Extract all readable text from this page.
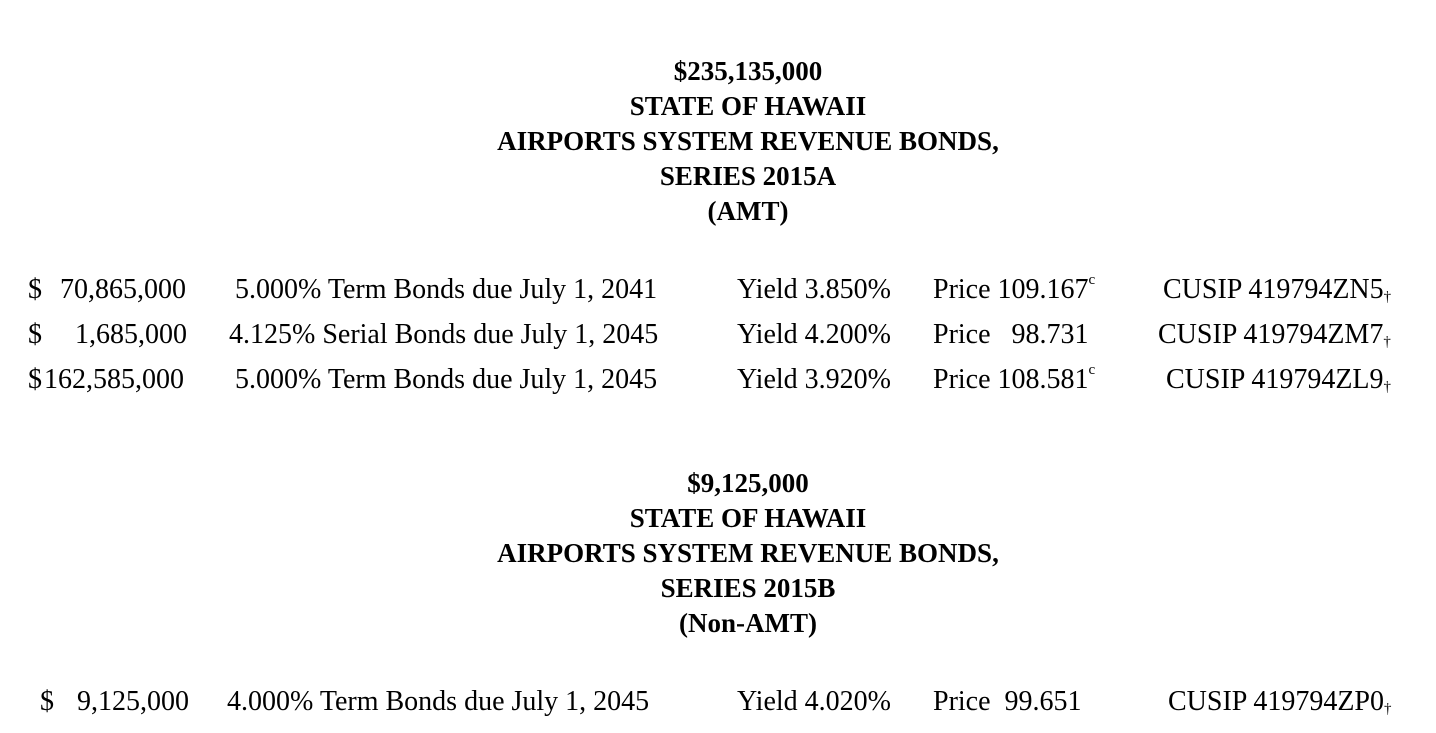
$235,135,000
STATE OF HAWAII
AIRPORTS SYSTEM REVENUE BONDS,
SERIES 2015A
(AMT)
$ 70,865,000 5.000% Term Bonds due July 1, 2041	Yield 3.850% Price 109.167$^c$ CUSIP 419794ZN5†
$ 1,685,000 4.125% Serial Bonds due July 1, 2045	Yield 4.200% Price 98.731 CUSIP 419794ZM7†
$ 162,585,000 5.000% Term Bonds due July 1, 2045	Yield 3.920% Price 108.581$^c$	CUSIP 419794ZL9†
$9,125,000
STATE OF HAWAII
AIRPORTS SYSTEM REVENUE BONDS,
SERIES 2015B
(Non-AMT)
$ 9,125,000 4.000% Term Bonds due July 1, 2045	Yield 4.020% Price 99.651	CUSIP 419794ZP0†
